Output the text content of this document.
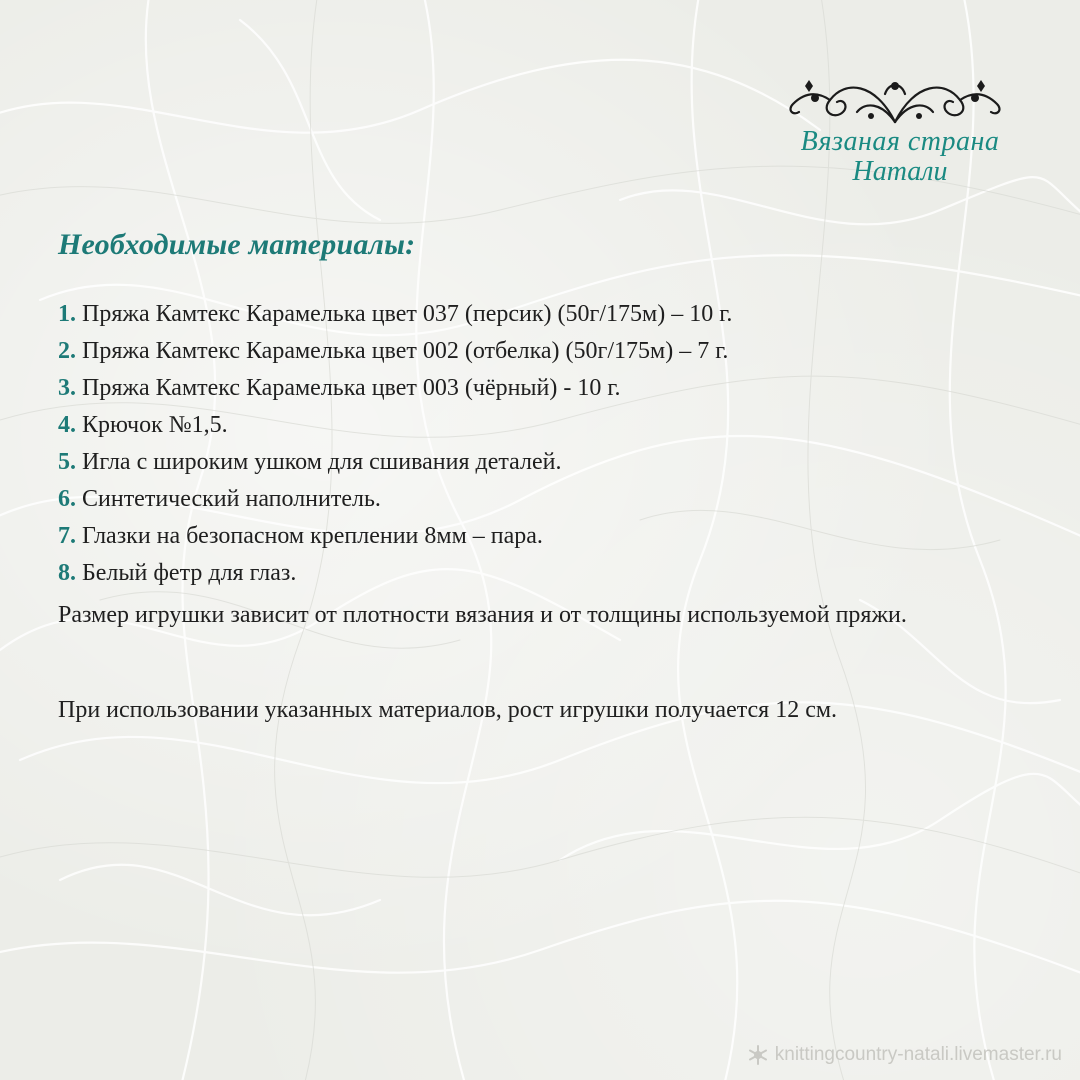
Вязаная страна
Натали
Необходимые материалы:
1. Пряжа Камтекс Карамелька цвет 037 (персик) (50г/175м) – 10 г.
2. Пряжа Камтекс Карамелька цвет 002 (отбелка) (50г/175м) – 7 г.
3. Пряжа Камтекс Карамелька цвет 003 (чёрный) - 10 г.
4. Крючок №1,5.
5. Игла с широким ушком для сшивания деталей.
6. Синтетический наполнитель.
7. Глазки на безопасном креплении 8мм – пара.
8. Белый фетр для глаз.

Размер игрушки зависит от плотности вязания и от толщины используемой пряжи.

При использовании указанных материалов, рост игрушки получается 12 см.

knittingcountry-natali.livemaster.ru
